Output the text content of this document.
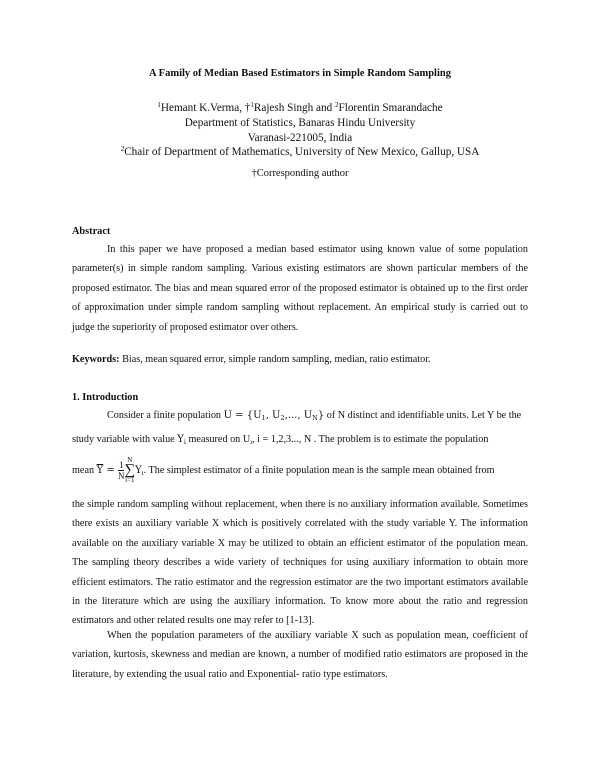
A Family of Median Based Estimators in Simple Random Sampling
$^1$Hemant K.Verma, †$^1$Rajesh Singh and $^2$Florentin Smarandache
Department of Statistics, Banaras Hindu University
Varanasi-221005, India
$^2$Chair of Department of Mathematics, University of New Mexico, Gallup, USA
†Corresponding author
Abstract
In this paper we have proposed a median based estimator using known value of some population parameter(s) in simple random sampling. Various existing estimators are shown particular members of the proposed estimator. The bias and mean squared error of the proposed estimator is obtained up to the first order of approximation under simple random sampling without replacement. An empirical study is carried out to judge the superiority of proposed estimator over others.
Keywords: Bias, mean squared error, simple random sampling, median, ratio estimator.
1. Introduction
Consider a finite population $U = \{U_1$, $U_2$,..., $U_N$} of N distinct and identifiable units. Let Y be the
study variable with value $Y_i$ measured on $U_i$, i = 1,2,3..., N . The problem is to estimate the population
mean $\overline{Y} = \frac{1}{N}$ N
∑
$i=1Y_i$. The simplest estimator of a finite population mean is the sample mean obtained from
the simple random sampling without replacement, when there is no auxiliary information available. Sometimes there exists an auxiliary variable X which is positively correlated with the study variable Y. The information available on the auxiliary variable X may be utilized to obtain an efficient estimator of the population mean. The sampling theory describes a wide variety of techniques for using auxiliary information to obtain more efficient estimators. The ratio estimator and the regression estimator are the two important estimators available in the literature which are using the auxiliary information. To know more about the ratio and regression estimators and other related results one may refer to [1-13].
When the population parameters of the auxiliary variable X such as population mean, coefficient of variation, kurtosis, skewness and median are known, a number of modified ratio estimators are proposed in the literature, by extending the usual ratio and Exponential- ratio type estimators.
